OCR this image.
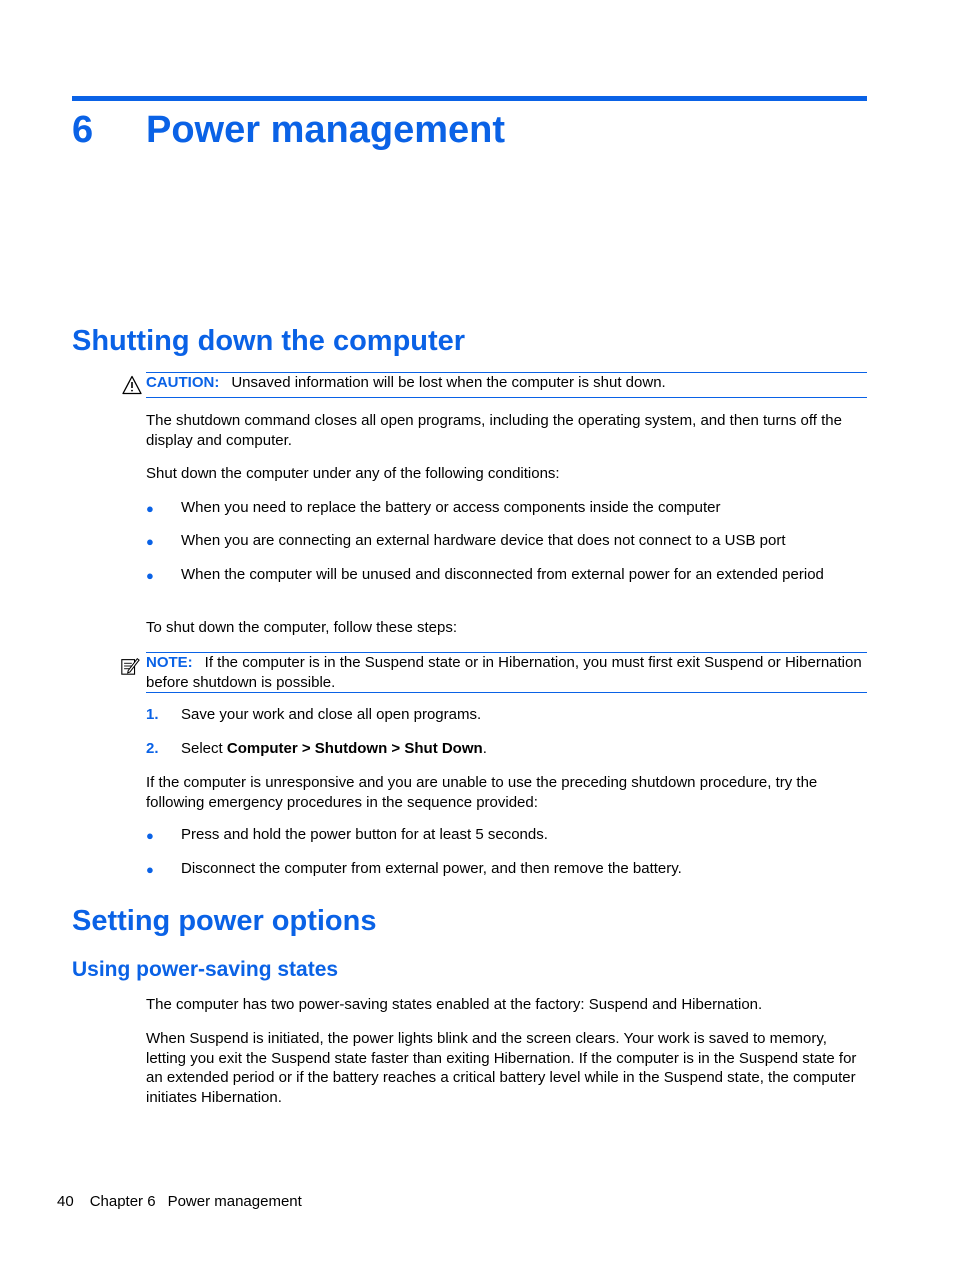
6 Power management
Shutting down the computer
CAUTION: Unsaved information will be lost when the computer is shut down.
The shutdown command closes all open programs, including the operating system, and then turns off the display and computer.
Shut down the computer under any of the following conditions:
● When you need to replace the battery or access components inside the computer
● When you are connecting an external hardware device that does not connect to a USB port
● When the computer will be unused and disconnected from external power for an extended period
To shut down the computer, follow these steps:
NOTE: If the computer is in the Suspend state or in Hibernation, you must first exit Suspend or Hibernation before shutdown is possible.
1. Save your work and close all open programs.
2. Select Computer > Shutdown > Shut Down.
If the computer is unresponsive and you are unable to use the preceding shutdown procedure, try the following emergency procedures in the sequence provided:
● Press and hold the power button for at least 5 seconds.
● Disconnect the computer from external power, and then remove the battery.
Setting power options
Using power-saving states
The computer has two power-saving states enabled at the factory: Suspend and Hibernation.
When Suspend is initiated, the power lights blink and the screen clears. Your work is saved to memory, letting you exit the Suspend state faster than exiting Hibernation. If the computer is in the Suspend state for an extended period or if the battery reaches a critical battery level while in the Suspend state, the computer initiates Hibernation.
40 Chapter 6 Power management
